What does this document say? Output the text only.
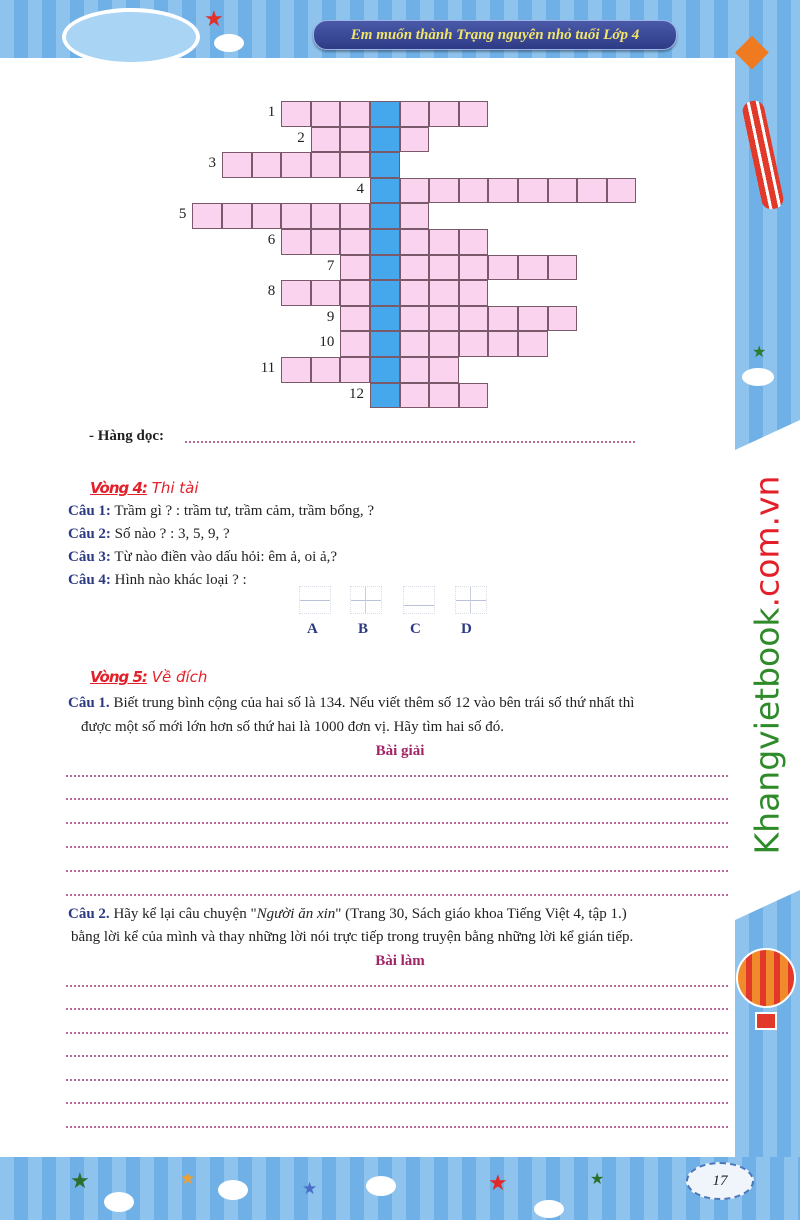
★
◆
★
★	★
★	★	★
Em muốn thành Trạng nguyên nhỏ tuổi Lớp 4
1
2
3
4
5
6
7
8
9
10
11
12
- Hàng dọc:
Vòng 4: Thi tài
Câu 1: Trầm gì ? : trầm tư, trầm cảm, trầm bổng, ?
Câu 2: Số nào ? : 3, 5, 9, ?
Câu 3: Từ nào điền vào dấu hỏi: êm ả, oi ả,?
Câu 4: Hình nào khác loại ? :
A	B	C	D
Vòng 5: Về đích
Câu 1. Biết trung bình cộng của hai số là 134. Nếu viết thêm số 12 vào bên trái số thứ nhất thì
được một số mới lớn hơn số thứ hai là 1000 đơn vị. Hãy tìm hai số đó.
Bài giải
Câu 2. Hãy kể lại câu chuyện "Người ăn xin" (Trang 30, Sách giáo khoa Tiếng Việt 4, tập 1.)
bằng lời kể của mình và thay những lời nói trực tiếp trong truyện bằng những lời kể gián tiếp.
Bài làm
Khangvietbook.com.vn
17
